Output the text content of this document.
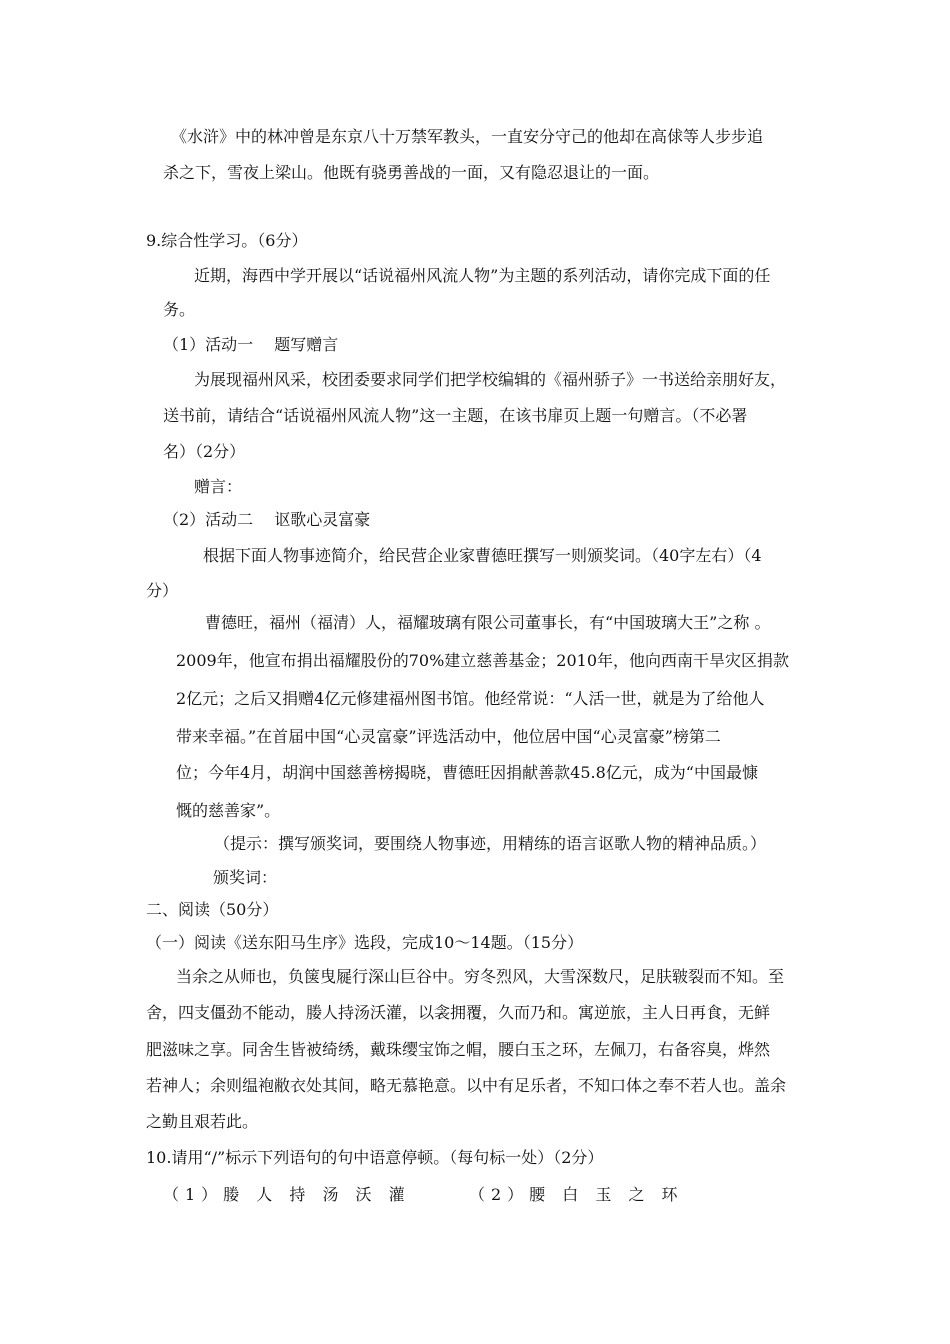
《水浒》中的林冲曾是东京八十万禁军教头，一直安分守己的他却在高俅等人步步追
杀之下，雪夜上梁山。他既有骁勇善战的一面，又有隐忍退让的一面。
9.综合性学习。（6分）
近期，海西中学开展以“话说福州风流人物”为主题的系列活动，请你完成下面的任
务。
（1）活动一　 题写赠言
为展现福州风采，校团委要求同学们把学校编辑的《福州骄子》一书送给亲朋好友，
送书前，请结合“话说福州风流人物”这一主题，在该书扉页上题一句赠言。（不必署
名）（2分）
赠言：
（2）活动二　 讴歌心灵富豪
根据下面人物事迹简介，给民营企业家曹德旺撰写一则颁奖词。（40字左右）（4
分）
曹德旺，福州（福清）人，福耀玻璃有限公司董事长，有“中国玻璃大王”之称 。
2009年，他宣布捐出福耀股份的70%建立慈善基金；2010年，他向西南干旱灾区捐款
2亿元；之后又捐赠4亿元修建福州图书馆。他经常说：“人活一世，就是为了给他人
带来幸福。”在首届中国“心灵富豪”评选活动中，他位居中国“心灵富豪”榜第二
位；今年4月，胡润中国慈善榜揭晓，曹德旺因捐献善款45.8亿元，成为“中国最慷
慨的慈善家”。
（提示：撰写颁奖词，要围绕人物事迹，用精练的语言讴歌人物的精神品质。）
颁奖词：
二、阅读（50分）
（一）阅读《送东阳马生序》选段，完成10～14题。（15分）
当余之从师也，负箧曳屣行深山巨谷中。穷冬烈风，大雪深数尺，足肤皲裂而不知。至
舍，四支僵劲不能动，媵人持汤沃灌，以衾拥覆，久而乃和。寓逆旅，主人日再食，无鲜
肥滋味之享。同舍生皆被绮绣，戴珠缨宝饰之帽，腰白玉之环，左佩刀，右备容臭，烨然
若神人；余则缊袍敝衣处其间，略无慕艳意。以中有足乐者，不知口体之奉不若人也。盖余
之勤且艰若此。
10.请用“/”标示下列语句的句中语意停顿。（每句标一处）（2分）
（1）媵 人 持 汤 沃 灌	（2）腰 白 玉 之 环
